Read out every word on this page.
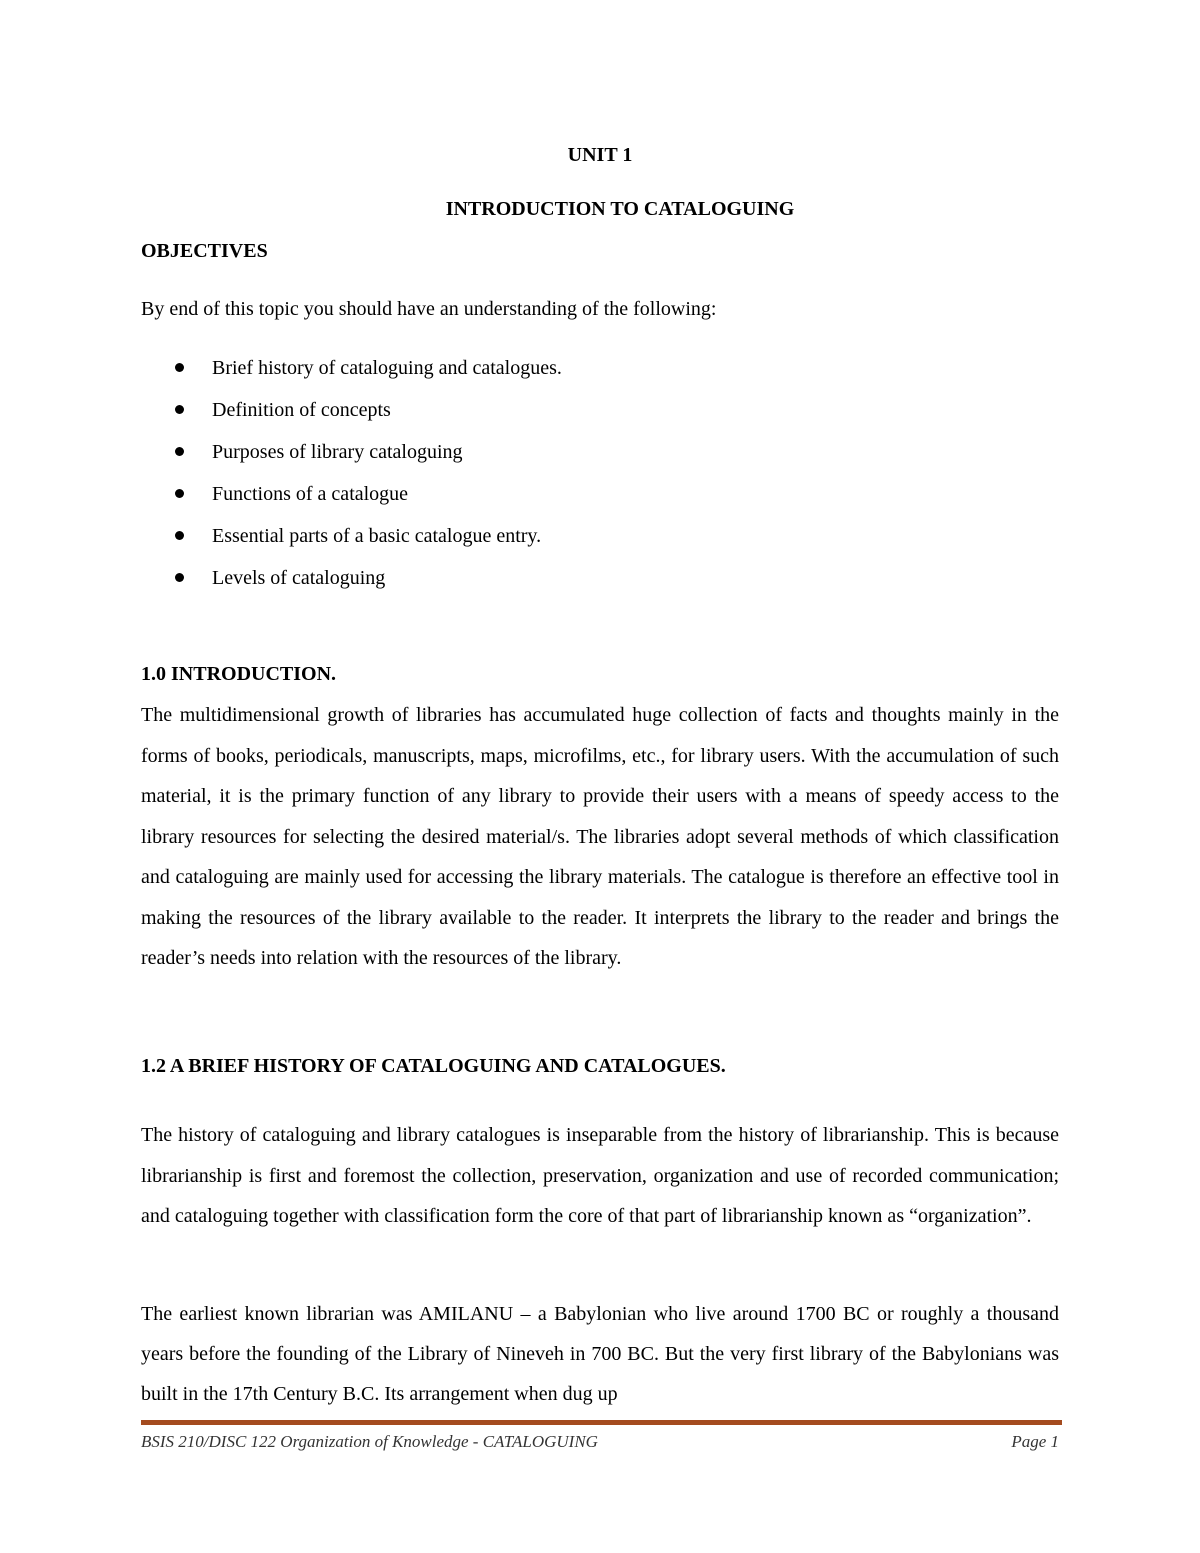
UNIT 1
INTRODUCTION TO CATALOGUING
OBJECTIVES
By end of this topic you should have an understanding of the following:
Brief history of cataloguing and catalogues.
Definition of concepts
Purposes of library cataloguing
Functions of a catalogue
Essential parts of a basic catalogue entry.
Levels of cataloguing
1.0 INTRODUCTION.

The multidimensional growth of libraries has accumulated huge collection of facts and thoughts mainly in the forms of books, periodicals, manuscripts, maps, microfilms, etc., for library users. With the accumulation of such material, it is the primary function of any library to provide their users with a means of speedy access to the library resources for selecting the desired material/s. The libraries adopt several methods of which classification and cataloguing are mainly used for accessing the library materials. The catalogue is therefore an effective tool in making the resources of the library available to the reader. It interprets the library to the reader and brings the reader’s needs into relation with the resources of the library.

1.2 A BRIEF HISTORY OF CATALOGUING AND CATALOGUES.

The history of cataloguing and library catalogues is inseparable from the history of librarianship. This is because librarianship is first and foremost the collection, preservation, organization and use of recorded communication; and cataloguing together with classification form the core of that part of librarianship known as “organization”.

The earliest known librarian was AMILANU – a Babylonian who live around 1700 BC or roughly a thousand years before the founding of the Library of Nineveh in 700 BC. But the very first library of the Babylonians was built in the 17th Century B.C. Its arrangement when dug up

BSIS 210/DISC 122 Organization of Knowledge - CATALOGUING	Page 1
